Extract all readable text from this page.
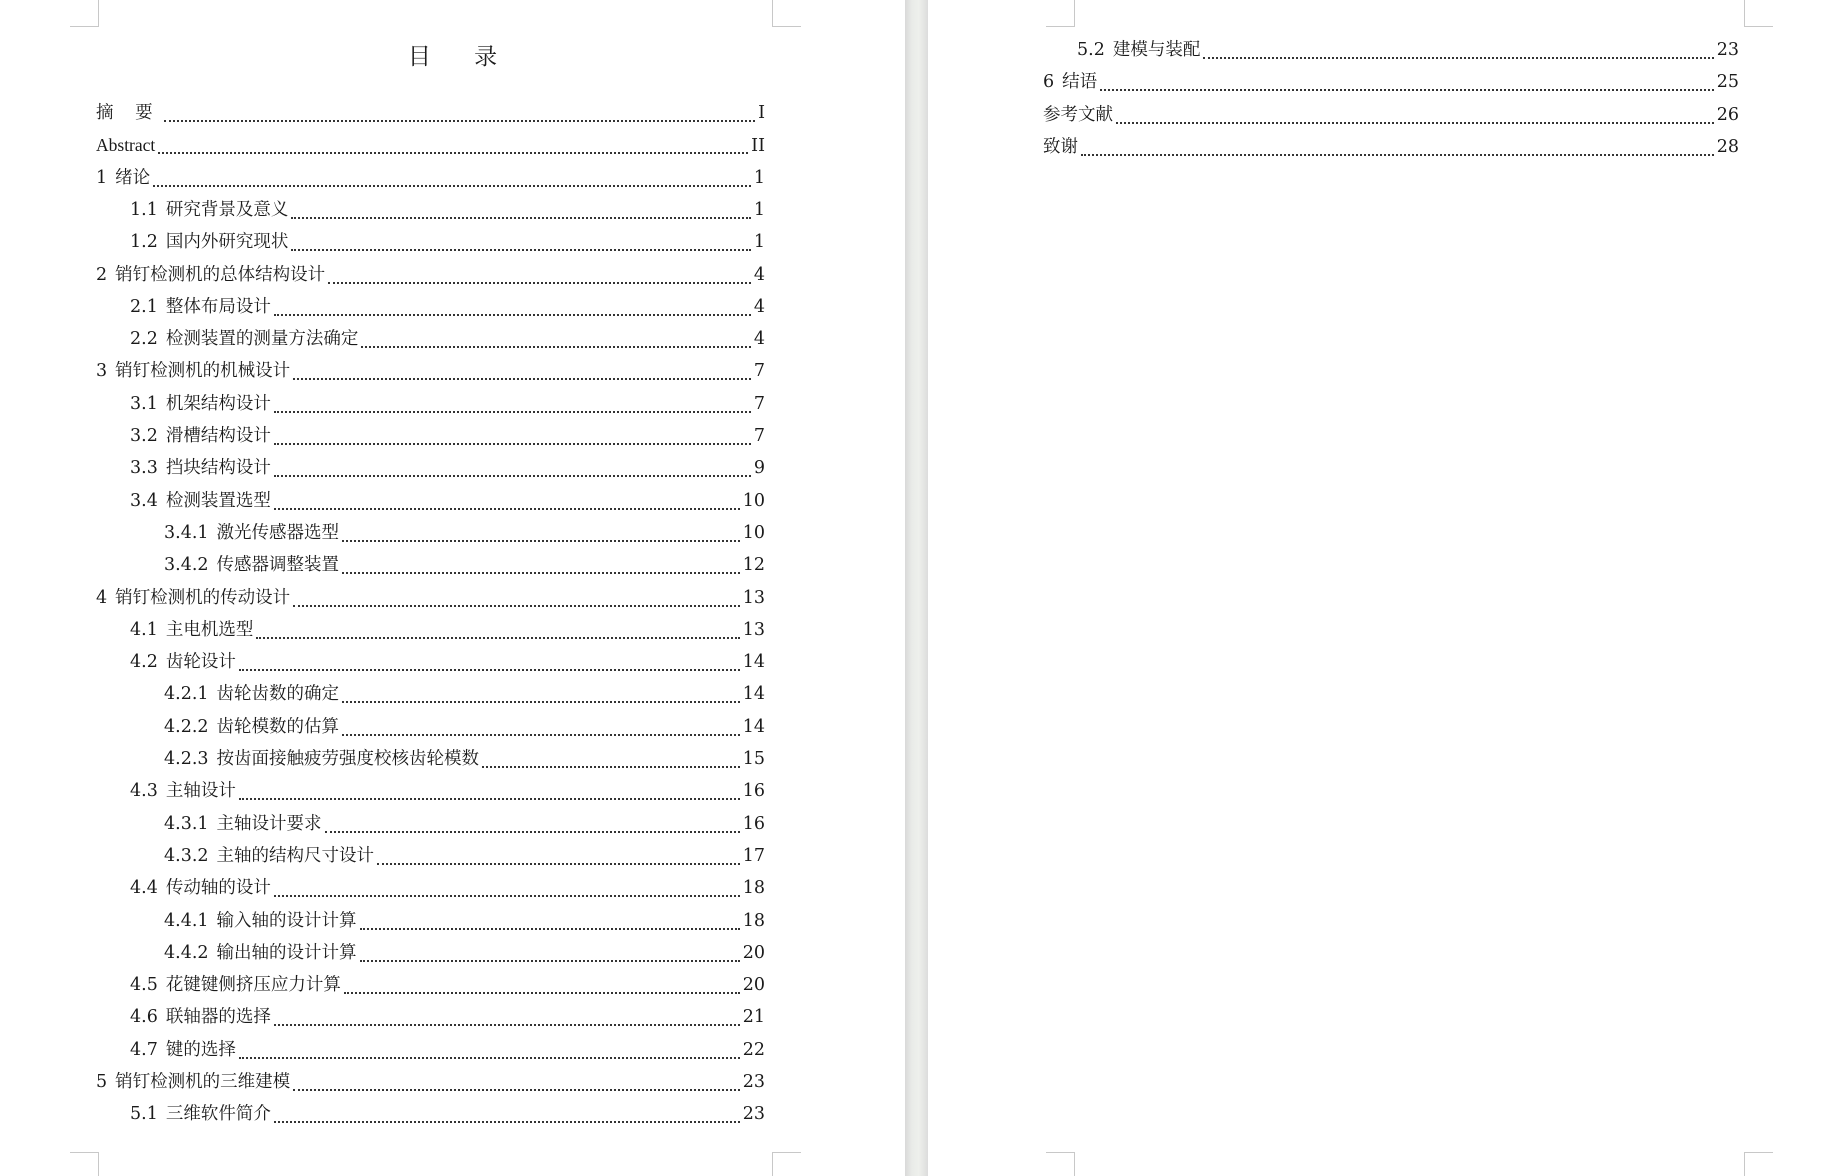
目 录
摘 要	I
Abstract	II
1 绪论	1
1.1 研究背景及意义	1
1.2 国内外研究现状	1
2 销钉检测机的总体结构设计	4
2.1 整体布局设计	4
2.2 检测装置的测量方法确定	4
3 销钉检测机的机械设计	7
3.1 机架结构设计	7
3.2 滑槽结构设计	7
3.3 挡块结构设计	9
3.4 检测装置选型	10
3.4.1 激光传感器选型	10
3.4.2 传感器调整装置	12
4 销钉检测机的传动设计	13
4.1 主电机选型	13
4.2 齿轮设计	14
4.2.1 齿轮齿数的确定	14
4.2.2 齿轮模数的估算	14
4.2.3 按齿面接触疲劳强度校核齿轮模数	15
4.3 主轴设计	16
4.3.1 主轴设计要求	16
4.3.2 主轴的结构尺寸设计	17
4.4 传动轴的设计	18
4.4.1 输入轴的设计计算	18
4.4.2 输出轴的设计计算	20
4.5 花键键侧挤压应力计算	20
4.6 联轴器的选择	21
4.7 键的选择	22
5 销钉检测机的三维建模	23
5.1 三维软件简介	23
5.2 建模与装配	23
6 结语	25
参考文献	26
致谢	28
